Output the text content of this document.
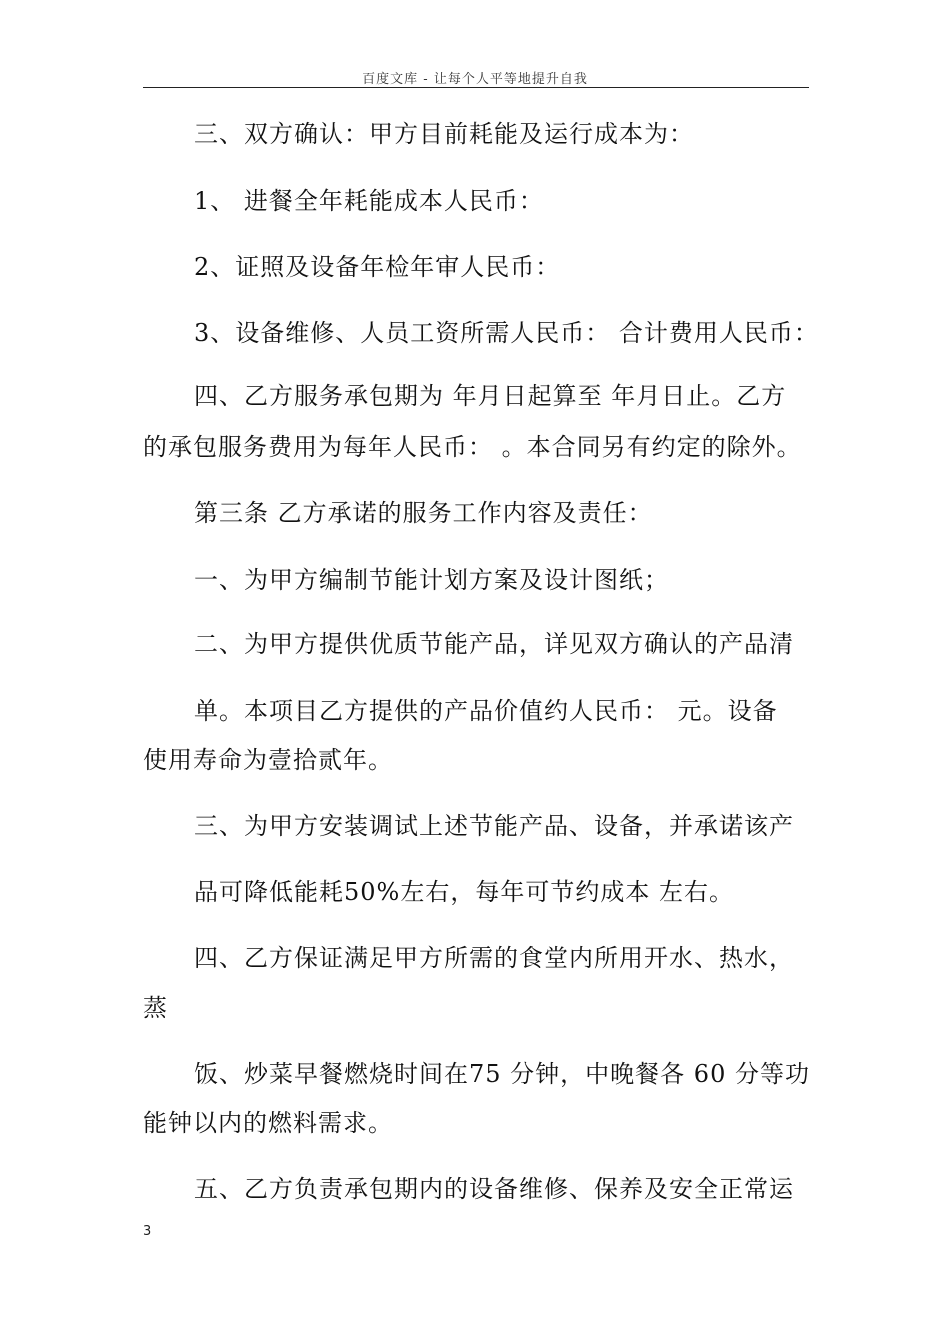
百度文库 - 让每个人平等地提升自我
三、双方确认：甲方目前耗能及运行成本为：
1、 进餐全年耗能成本人民币：
2、证照及设备年检年审人民币：
3、设备维修、人员工资所需人民币： 合计费用人民币：
四、乙方服务承包期为 年月日起算至 年月日止。乙方
的承包服务费用为每年人民币： 。本合同另有约定的除外。
第三条 乙方承诺的服务工作内容及责任：
一、为甲方编制节能计划方案及设计图纸；
二、为甲方提供优质节能产品，详见双方确认的产品清
单。本项目乙方提供的产品价值约人民币： 元。设备
使用寿命为壹拾贰年。
三、为甲方安装调试上述节能产品、设备，并承诺该产
品可降低能耗50%左右，每年可节约成本 左右。
四、乙方保证满足甲方所需的食堂内所用开水、热水，
蒸
饭、炒菜早餐燃烧时间在75 分钟，中晚餐各 60 分等功
能钟以内的燃料需求。
五、乙方负责承包期内的设备维修、保养及安全正常运
3
